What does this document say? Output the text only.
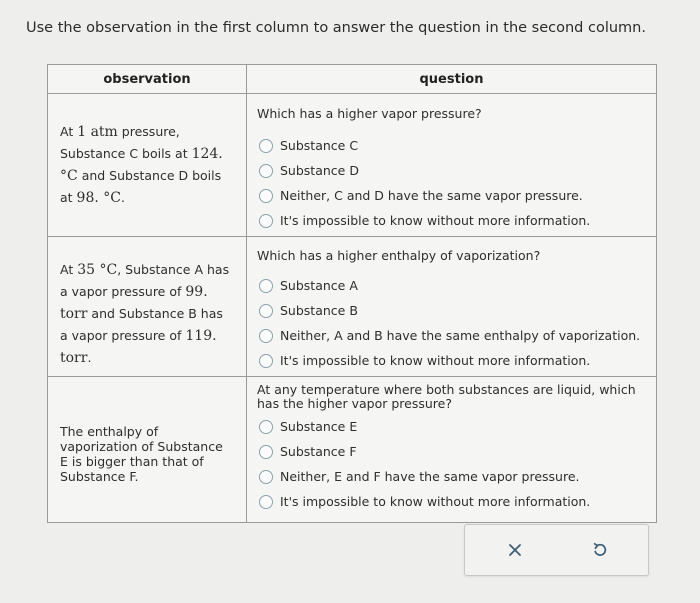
Use the observation in the first column to answer the question in the second column.
observation	question

At 1 atm pressure, Substance C boils at 124. °C and Substance D boils at 98. °C.	Which has a higher vapor pressure?
Substance C
Substance D
Neither, C and D have the same vapor pressure.
It's impossible to know without more information.

At 35 °C, Substance A has a vapor pressure of 99. torr and Substance B has a vapor pressure of 119. torr.	Which has a higher enthalpy of vaporization?
Substance A
Substance B
Neither, A and B have the same enthalpy of vaporization.
It's impossible to know without more information.

The enthalpy of vaporization of Substance E is bigger than that of Substance F.	At any temperature where both substances are liquid, which has the higher vapor pressure?
Substance E
Substance F
Neither, E and F have the same vapor pressure.
It's impossible to know without more information.
